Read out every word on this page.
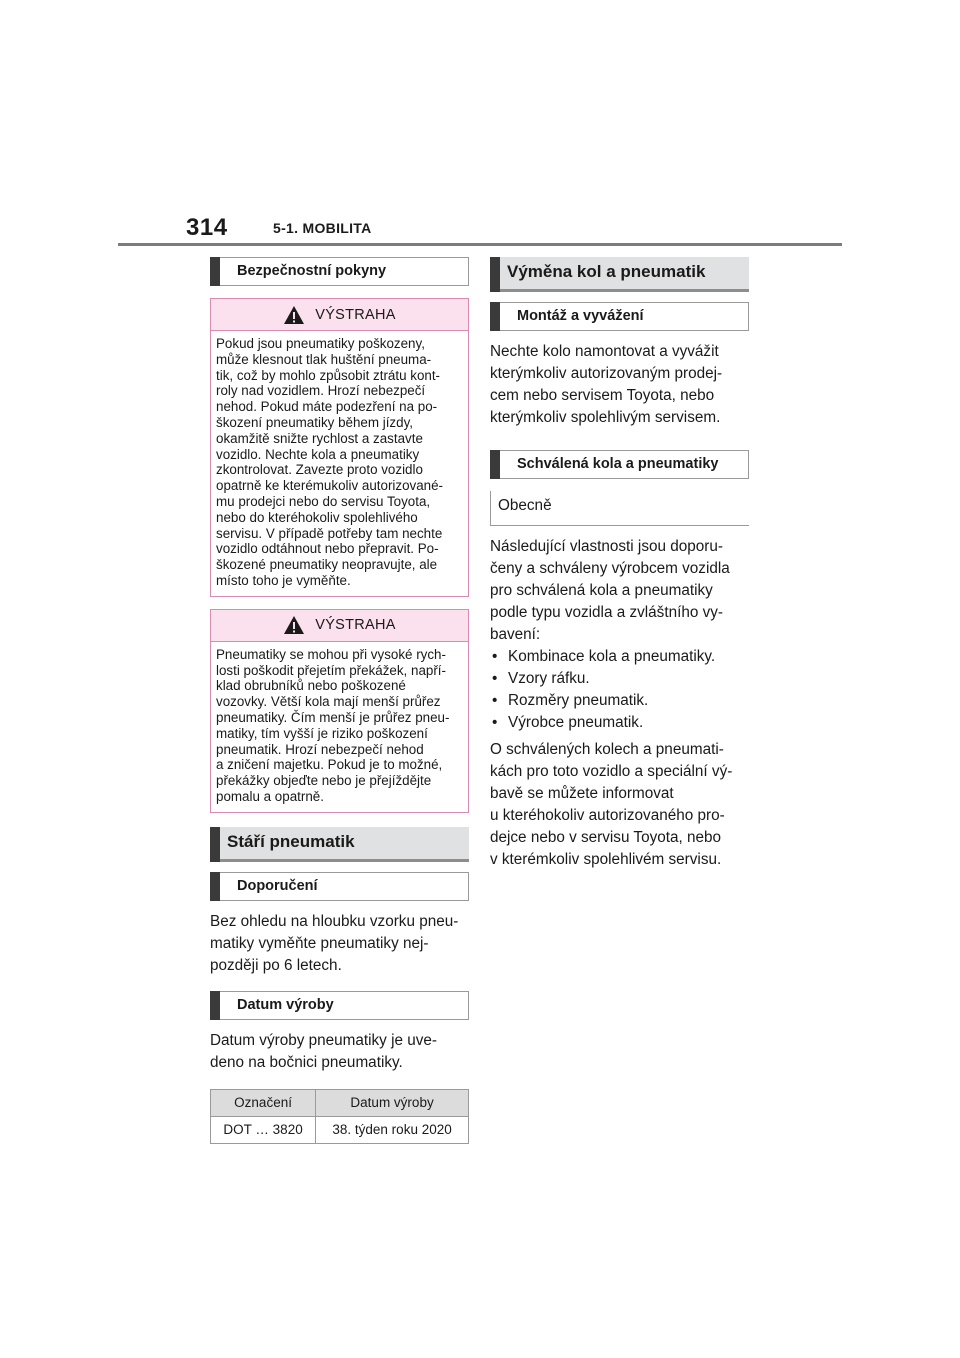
314	5-1. MOBILITA
Bezpečnostní pokyny
VÝSTRAHA
Pokud jsou pneumatiky poškozeny,
může klesnout tlak huštění pneuma-
tik, což by mohlo způsobit ztrátu kont-
roly nad vozidlem. Hrozí nebezpečí
nehod. Pokud máte podezření na po-
škození pneumatiky během jízdy,
okamžitě snižte rychlost a zastavte
vozidlo. Nechte kola a pneumatiky
zkontrolovat. Zavezte proto vozidlo
opatrně ke kterémukoliv autorizované-
mu prodejci nebo do servisu Toyota,
nebo do kteréhokoliv spolehlivého
servisu. V případě potřeby tam nechte
vozidlo odtáhnout nebo přepravit. Po-
škozené pneumatiky neopravujte, ale
místo toho je vyměňte.
VÝSTRAHA
Pneumatiky se mohou při vysoké rych-
losti poškodit přejetím překážek, napří-
klad obrubníků nebo poškozené
vozovky. Větší kola mají menší průřez
pneumatiky. Čím menší je průřez pneu-
matiky, tím vyšší je riziko poškození
pneumatik. Hrozí nebezpečí nehod
a zničení majetku. Pokud je to možné,
překážky objeďte nebo je přejíždějte
pomalu a opatrně.
Stáří pneumatik
Doporučení
Bez ohledu na hloubku vzorku pneu-
matiky vyměňte pneumatiky nej-
později po 6 letech.
Datum výroby
Datum výroby pneumatiky je uve-
deno na bočnici pneumatiky.
Označení	Datum výroby
DOT … 3820	38. týden roku 2020
Výměna kol a pneumatik
Montáž a vyvážení
Nechte kolo namontovat a vyvážit
kterýmkoliv autorizovaným prodej-
cem nebo servisem Toyota, nebo
kterýmkoliv spolehlivým servisem.
Schválená kola a pneumatiky
Obecně
Následující vlastnosti jsou doporu-
čeny a schváleny výrobcem vozidla
pro schválená kola a pneumatiky
podle typu vozidla a zvláštního vy-
bavení:
• Kombinace kola a pneumatiky.
• Vzory ráfku.
• Rozměry pneumatik.
• Výrobce pneumatik.
O schválených kolech a pneumati-
kách pro toto vozidlo a speciální vý-
bavě se můžete informovat
u kteréhokoliv autorizovaného pro-
dejce nebo v servisu Toyota, nebo
v kterémkoliv spolehlivém servisu.
